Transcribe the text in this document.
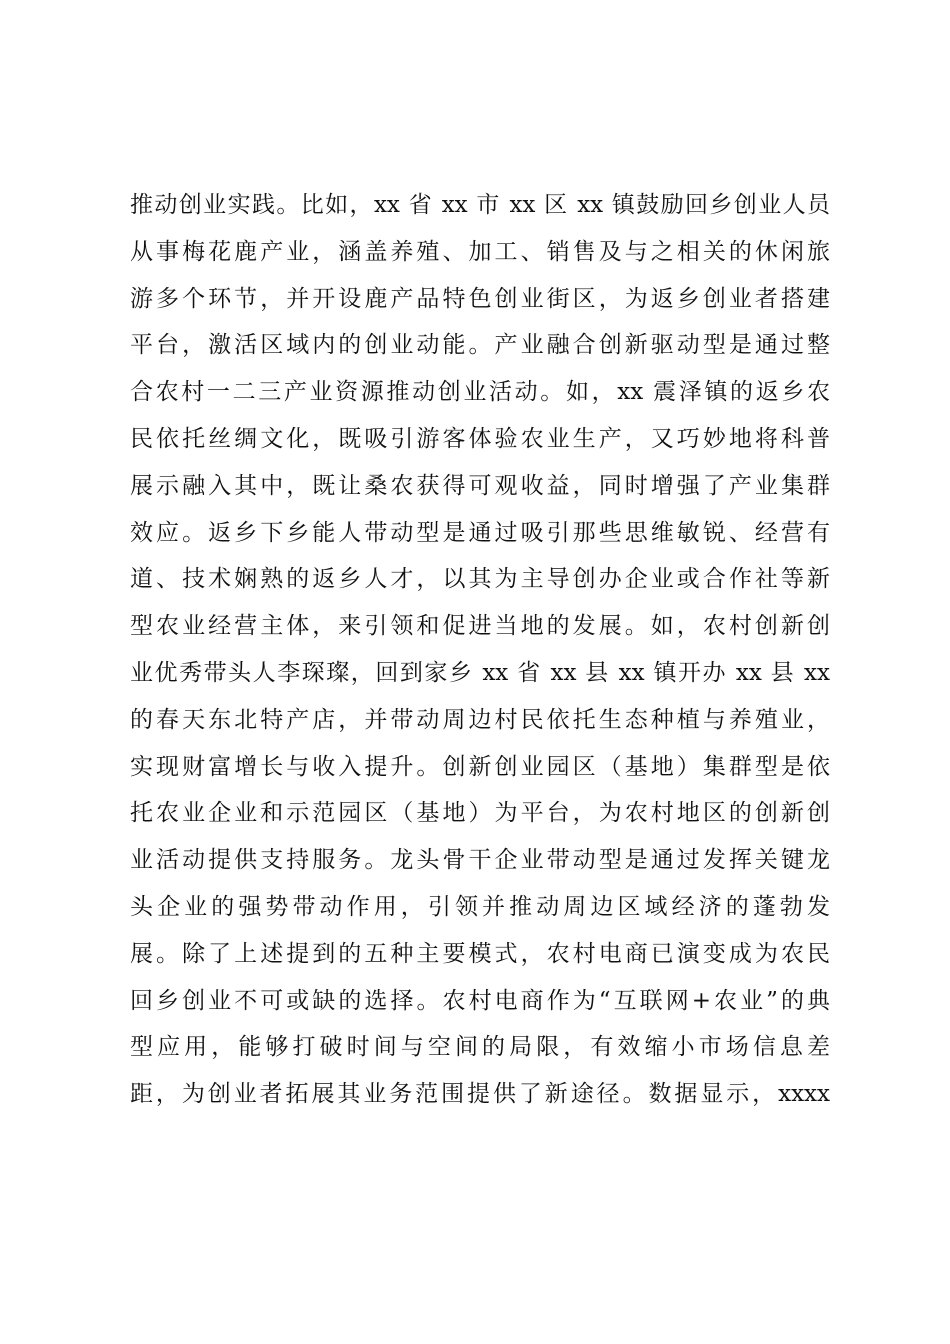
推动创业实践。比如，xx 省 xx 市 xx 区 xx 镇鼓励回乡创业人员
从事梅花鹿产业，涵盖养殖、加工、销售及与之相关的休闲旅
游多个环节，并开设鹿产品特色创业街区，为返乡创业者搭建
平台，激活区域内的创业动能。产业融合创新驱动型是通过整
合农村一二三产业资源推动创业活动。如，xx 震泽镇的返乡农
民依托丝绸文化，既吸引游客体验农业生产，又巧妙地将科普
展示融入其中，既让桑农获得可观收益，同时增强了产业集群
效应。返乡下乡能人带动型是通过吸引那些思维敏锐、经营有
道、技术娴熟的返乡人才，以其为主导创办企业或合作社等新
型农业经营主体，来引领和促进当地的发展。如，农村创新创
业优秀带头人李琛璨，回到家乡 xx 省 xx 县 xx 镇开办 xx 县 xx
的春天东北特产店，并带动周边村民依托生态种植与养殖业，
实现财富增长与收入提升。创新创业园区（基地）集群型是依
托农业企业和示范园区（基地）为平台，为农村地区的创新创
业活动提供支持服务。龙头骨干企业带动型是通过发挥关键龙
头企业的强势带动作用，引领并推动周边区域经济的蓬勃发
展。除了上述提到的五种主要模式，农村电商已演变成为农民
回乡创业不可或缺的选择。农村电商作为“互联网+农业”的典
型应用，能够打破时间与空间的局限，有效缩小市场信息差
距，为创业者拓展其业务范围提供了新途径。数据显示，xxxx
